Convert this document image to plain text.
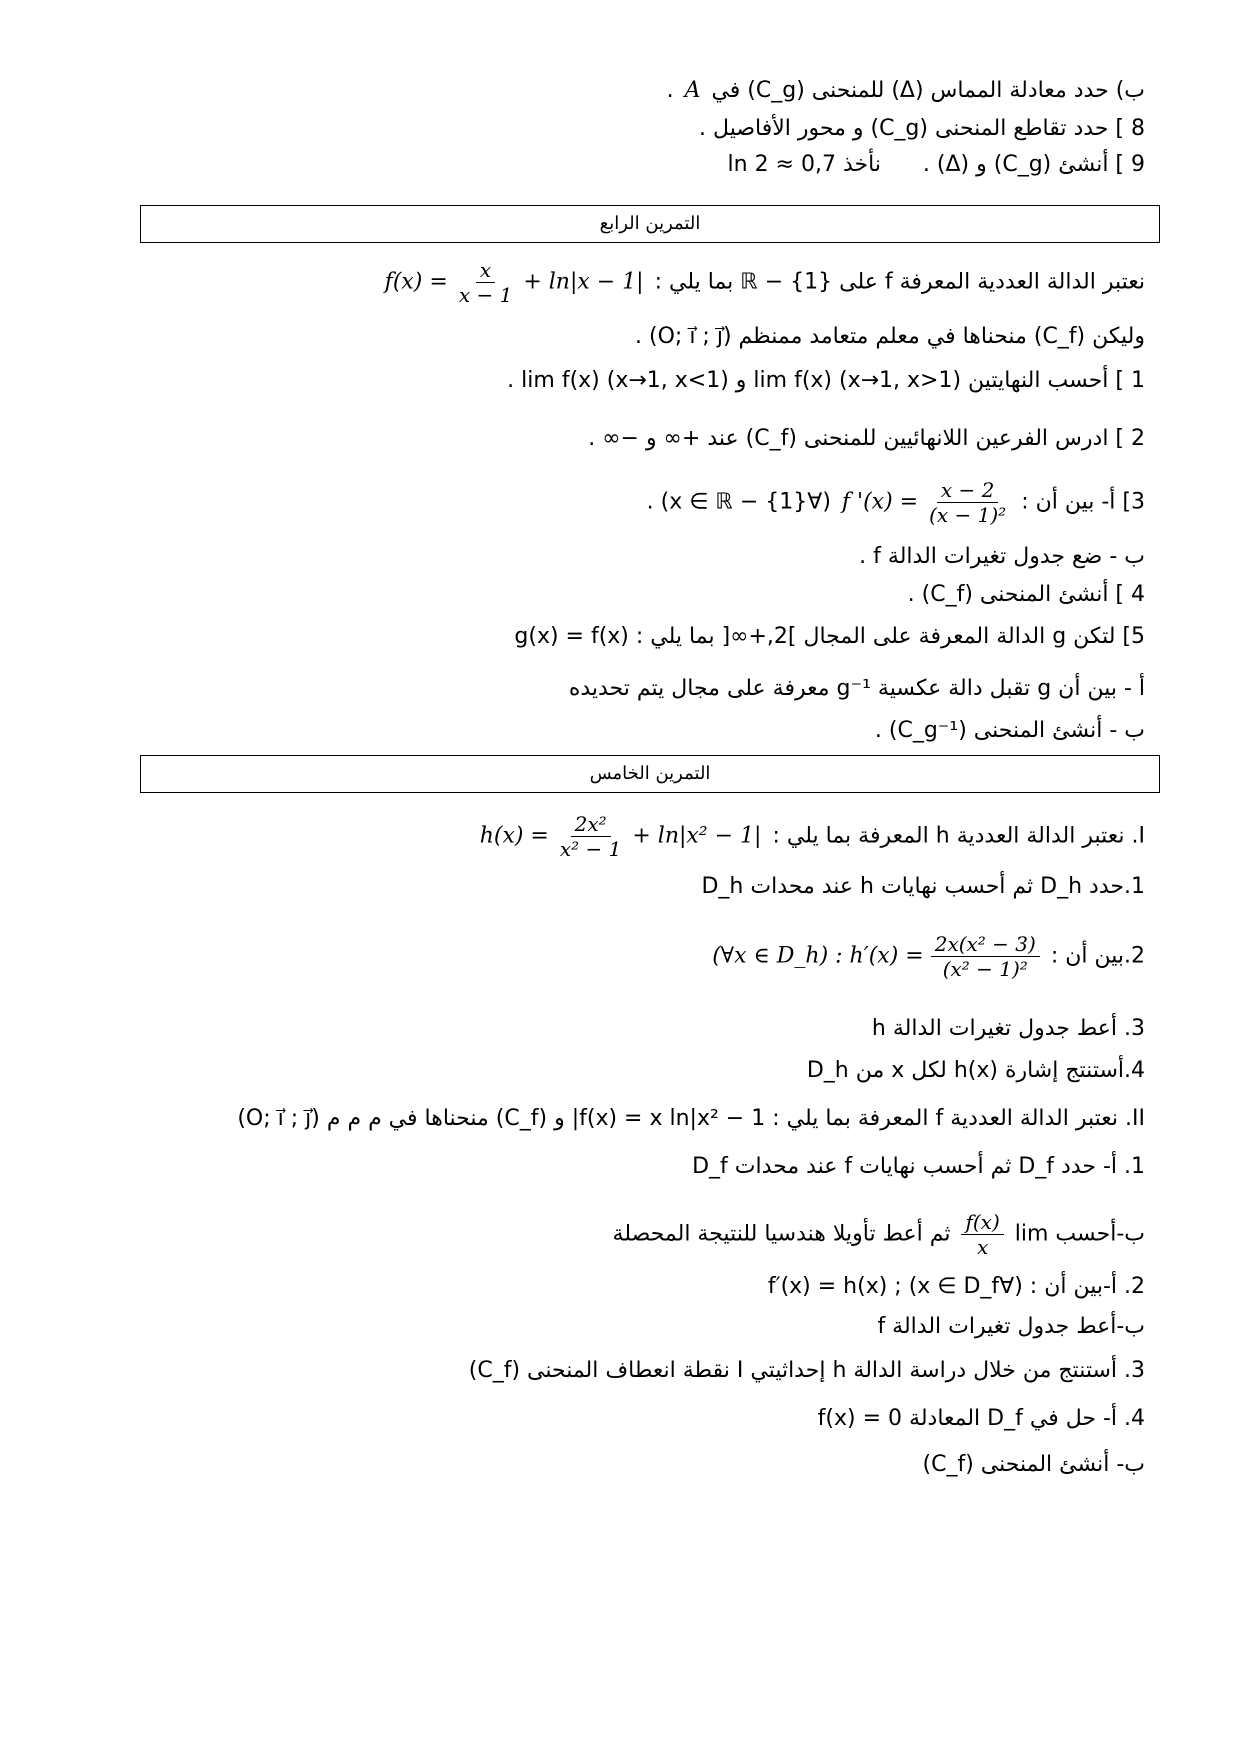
ب) حدد معادلة المماس (Δ) للمنحنى (C_g) في A .
8 ] حدد تقاطع المنحنى (C_g) و محور الأفاصيل .
9 ] أنشئ (C_g) و (Δ) .      نأخذ ln 2 ≈ 0,7
التمرين الرابع
نعتبر الدالة العددية المعرفة f على ℝ − {1} بما يلي : $f(x) = \frac{x}{x - 1} + \ln|x - 1|$
وليكن (C_f) منحناها في معلم متعامد ممنظم (O; i⃗ ; j⃗) .
1 ] أحسب النهايتين lim f(x) (x→1, x>1) و lim f(x) (x→1, x<1) .
2 ] ادرس الفرعين اللانهائيين للمنحنى (C_f) عند +∞ و −∞ .
3] أ- بين أن : f '$(x) = \frac{x - 2}{\text{(x − 1)²}}$
(∀x ∈ ℝ − {1}) .
ب - ضع جدول تغيرات الدالة f .
4 ] أنشئ المنحنى (C_f) .
5] لتكن g الدالة المعرفة على المجال ]2,+∞[ بما يلي : g(x) = f(x)
أ - بين أن g تقبل دالة عكسية g⁻¹ معرفة على مجال يتم تحديده
ب - أنشئ المنحنى (C_g⁻¹) .
التمرين الخامس
I. نعتبر الدالة العددية h المعرفة بما يلي : $h(x) = \frac{\text{2x²}}{\text{x² − 1}} + \ln|x^2 - 1|$
1.حدد D_h ثم أحسب نهايات h عند محدات D_h
2.بين أن : (∀x ∈ D_h) : $h'(x) = \frac{\text{2x(x² − 3)}}{\text{(x² − 1)²}}$
3. أعط جدول تغيرات الدالة h
4.أستنتج إشارة h(x) لكل x من D_h
II. نعتبر الدالة العددية f المعرفة بما يلي : f(x) = x ln|x² − 1| و (C_f) منحناها في م م م (O; i⃗ ; j⃗)
1. أ- حدد D_f ثم أحسب نهايات f عند محدات D_f
ب-أحسب lim
$\frac{f(x)}{x}$
ثم أعط تأويلا هندسيا للنتيجة المحصلة
2. أ-بين أن : (∀x ∈ D_f) ; f′(x) = h(x)
ب-أعط جدول تغيرات الدالة f
3. أستنتج من خلال دراسة الدالة h إحداثيتي I نقطة انعطاف المنحنى (C_f)
4. أ- حل في D_f المعادلة f(x) = 0
ب- أنشئ المنحنى (C_f)
